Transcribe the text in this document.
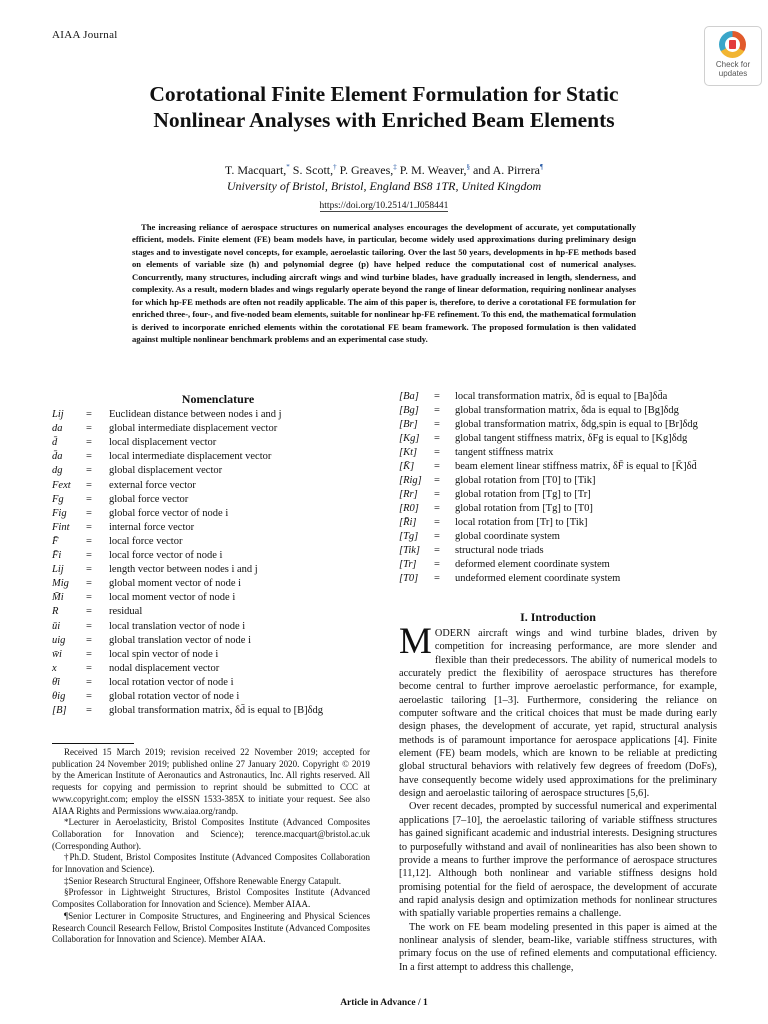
AIAA Journal
Check for
updates
Corotational Finite Element Formulation for Static
Nonlinear Analyses with Enriched Beam Elements
T. Macquart,* S. Scott,† P. Greaves,‡ P. M. Weaver,§ and A. Pirrera¶
University of Bristol, Bristol, England BS8 1TR, United Kingdom
https://doi.org/10.2514/1.J058441
The increasing reliance of aerospace structures on numerical analyses encourages the development of accurate, yet computationally efficient, models. Finite element (FE) beam models have, in particular, become widely used approximations during preliminary design stages and to investigate novel concepts, for example, aeroelastic tailoring. Over the last 50 years, developments in hp-FE methods based on elements of variable size (h) and polynomial degree (p) have helped reduce the computational cost of numerical analyses. Concurrently, many structures, including aircraft wings and wind turbine blades, have gradually increased in length, slenderness, and complexity. As a result, modern blades and wings regularly operate beyond the range of linear deformation, requiring nonlinear analyses for which hp-FE methods are often not readily applicable. The aim of this paper is, therefore, to derive a corotational FE formulation for enriched three-, four-, and five-noded beam elements, suitable for nonlinear hp-FE refinement. To this end, the mathematical formulation is derived to incorporate enriched elements within the corotational FE beam framework. The proposed formulation is then validated against multiple nonlinear benchmark problems and an experimental case study.
Nomenclature
Lij = Euclidean distance between nodes i and j
da = global intermediate displacement vector
d̄	= local displacement vector
d̄a = local intermediate displacement vector
dg = global displacement vector
Fext = external force vector
Fg = global force vector
Fig = global force vector of node i
Fint = internal force vector
F̄	= local force vector
F̄i = local force vector of node i
Lij = length vector between nodes i and j
Mig = global moment vector of node i
M̄i = local moment vector of node i
R	= residual
ūi = local translation vector of node i
uig = global translation vector of node i
w̄i = local spin vector of node i
x	= nodal displacement vector
θ̄i = local rotation vector of node i
θig = global rotation vector of node i
[B] = global transformation matrix, δd̄ is equal to [B]δdg
[Ba] = local transformation matrix, δd̄ is equal to [Ba]δd̄a
[Bg] = global transformation matrix, δda is equal to [Bg]δdg
[Br] = global transformation matrix, δdg,spin is equal to [Br]δdg
[Kg] = global tangent stiffness matrix, δFg is equal to [Kg]δdg
[Kt] = tangent stiffness matrix
[K̄] = beam element linear stiffness matrix, δF̄ is equal to [K̄]δd̄
[Rig] = global rotation from [T0] to [Tik]
[Rr] = global rotation from [Tg] to [Tr]
[R0] = global rotation from [Tg] to [T0]
[R̄i] = local rotation from [Tr] to [Tik]
[Tg] = global coordinate system
[Tik] = structural node triads
[Tr] = deformed element coordinate system
[T0] = undeformed element coordinate system

Received 15 March 2019; revision received 22 November 2019; accepted for publication 24 November 2019; published online 27 January 2020. Copyright © 2019 by the American Institute of Aeronautics and Astronautics, Inc. All rights reserved. All requests for copying and permission to reprint should be submitted to CCC at www.copyright.com; employ the eISSN 1533-385X to initiate your request. See also AIAA Rights and Permissions www.aiaa.org/randp.

*Lecturer in Aeroelasticity, Bristol Composites Institute (Advanced Composites Collaboration for Innovation and Science); terence.macquart@bristol.ac.uk (Corresponding Author).

†Ph.D. Student, Bristol Composites Institute (Advanced Composites Collaboration for Innovation and Science).

‡Senior Research Structural Engineer, Offshore Renewable Energy Catapult.

§Professor in Lightweight Structures, Bristol Composites Institute (Advanced Composites Collaboration for Innovation and Science). Member AIAA.

¶Senior Lecturer in Composite Structures, and Engineering and Physical Sciences Research Council Research Fellow, Bristol Composites Institute (Advanced Composites Collaboration for Innovation and Science). Member AIAA.

I. Introduction

MODERN aircraft wings and wind turbine blades, driven by competition for increasing performance, are more slender and flexible than their predecessors. The ability of numerical models to accurately predict the flexibility of aerospace structures has therefore become central to further improve aeroelastic performance, for example, aeroelastic tailoring [1–3]. Furthermore, considering the reliance on computer software and the critical choices that must be made during early design phases, the development of accurate, yet rapid, structural analysis methods is of paramount importance for aerospace applications [4]. Finite element (FE) beam models, which are known to be reliable at predicting global structural behaviors with relatively few degrees of freedom (DoFs), have consequently become widely used approximations for the preliminary design and aeroelastic tailoring of aerospace structures [5,6].

Over recent decades, prompted by successful numerical and experimental applications [7–10], the aeroelastic tailoring of variable stiffness structures has gained significant academic and industrial interests. Designing structures to purposefully withstand and avail of nonlinearities has also been shown to provide a means to further improve the performance of aerospace structures [11,12]. Although both nonlinear and variable stiffness designs hold promising potential for the field of aerospace, the development of accurate and rapid analysis design and optimization methods for nonlinear structures with spatially variable properties remains a challenge.

The work on FE beam modeling presented in this paper is aimed at the nonlinear analysis of slender, beam-like, variable stiffness structures, with primary focus on the use of refined elements and computational efficiency. In a first attempt to address this challenge,

Article in Advance / 1
